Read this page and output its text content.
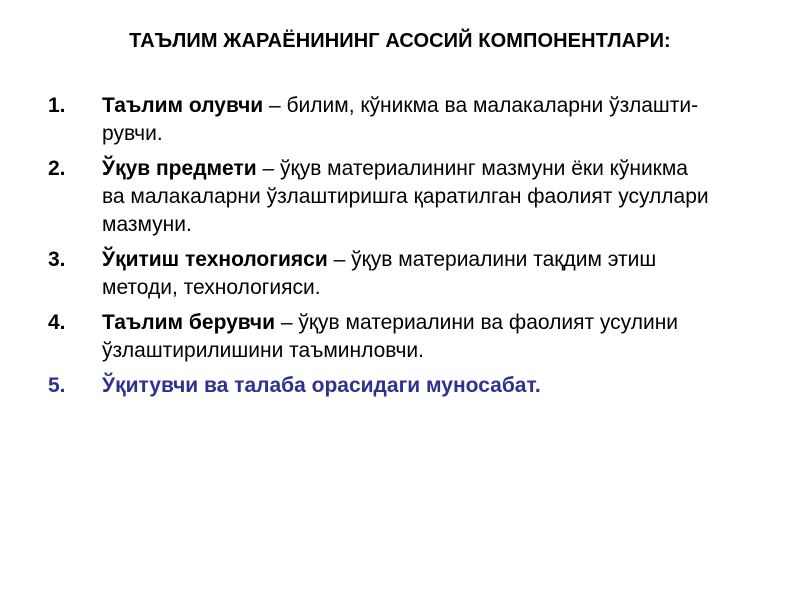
ТАЪЛИМ ЖАРАЁНИНИНГ АСОСИЙ КОМПОНЕНТЛАРИ:
1.	Таълим олувчи – билим, кўникма ва малакаларни ўзлашти-
рувчи.
2.	Ўқув предмети – ўқув материалининг мазмуни ёки кўникма
ва малакаларни ўзлаштиришга қаратилган фаолият усуллари
мазмуни.
3.	Ўқитиш технологияси – ўқув материалини тақдим этиш
методи, технологияси.
4.	Таълим берувчи – ўқув материалини ва фаолият усулини
ўзлаштирилишини таъминловчи.
5.	Ўқитувчи ва талаба орасидаги муносабат.
